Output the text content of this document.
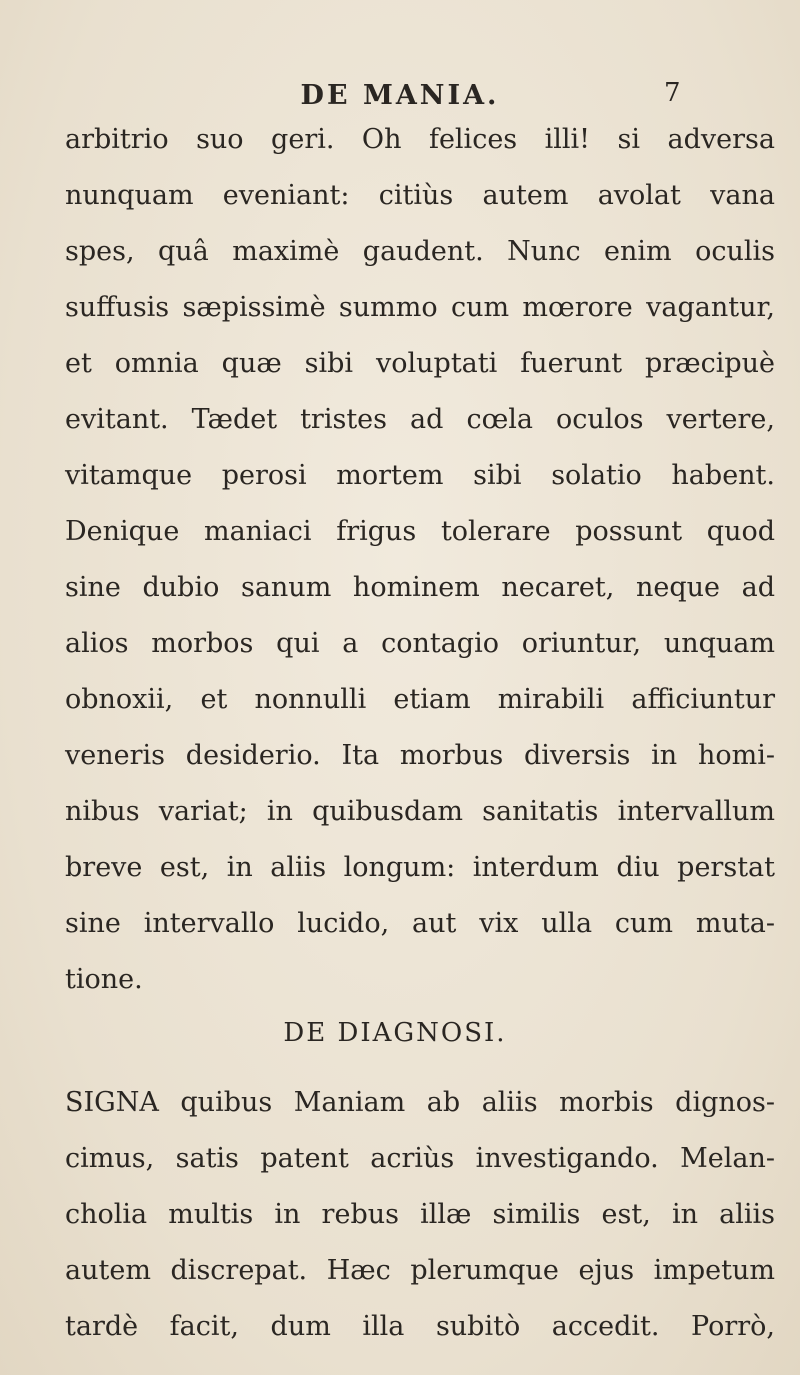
DE MANIA.	7
arbitrio suo geri. Oh felices illi! si adversa
nunquam eveniant: citiùs autem avolat vana
spes, quâ maximè gaudent. Nunc enim oculis
suffusis sæpissimè summo cum mœrore vagantur,
et omnia quæ sibi voluptati fuerunt præcipuè
evitant. Tædet tristes ad cœla oculos vertere,
vitamque perosi mortem sibi solatio habent.
Denique maniaci frigus tolerare possunt quod
sine dubio sanum hominem necaret, neque ad
alios morbos qui a contagio oriuntur, unquam
obnoxii, et nonnulli etiam mirabili afficiuntur
veneris desiderio. Ita morbus diversis in homi-
nibus variat; in quibusdam sanitatis intervallum
breve est, in aliis longum: interdum diu perstat
sine intervallo lucido, aut vix ulla cum muta-
tione.
DE DIAGNOSI.
SIGNA quibus Maniam ab aliis morbis dignos-
cimus, satis patent acriùs investigando. Melan-
cholia multis in rebus illæ similis est, in aliis
autem discrepat. Hæc plerumque ejus impetum
tardè facit, dum illa subitò accedit. Porrò,
